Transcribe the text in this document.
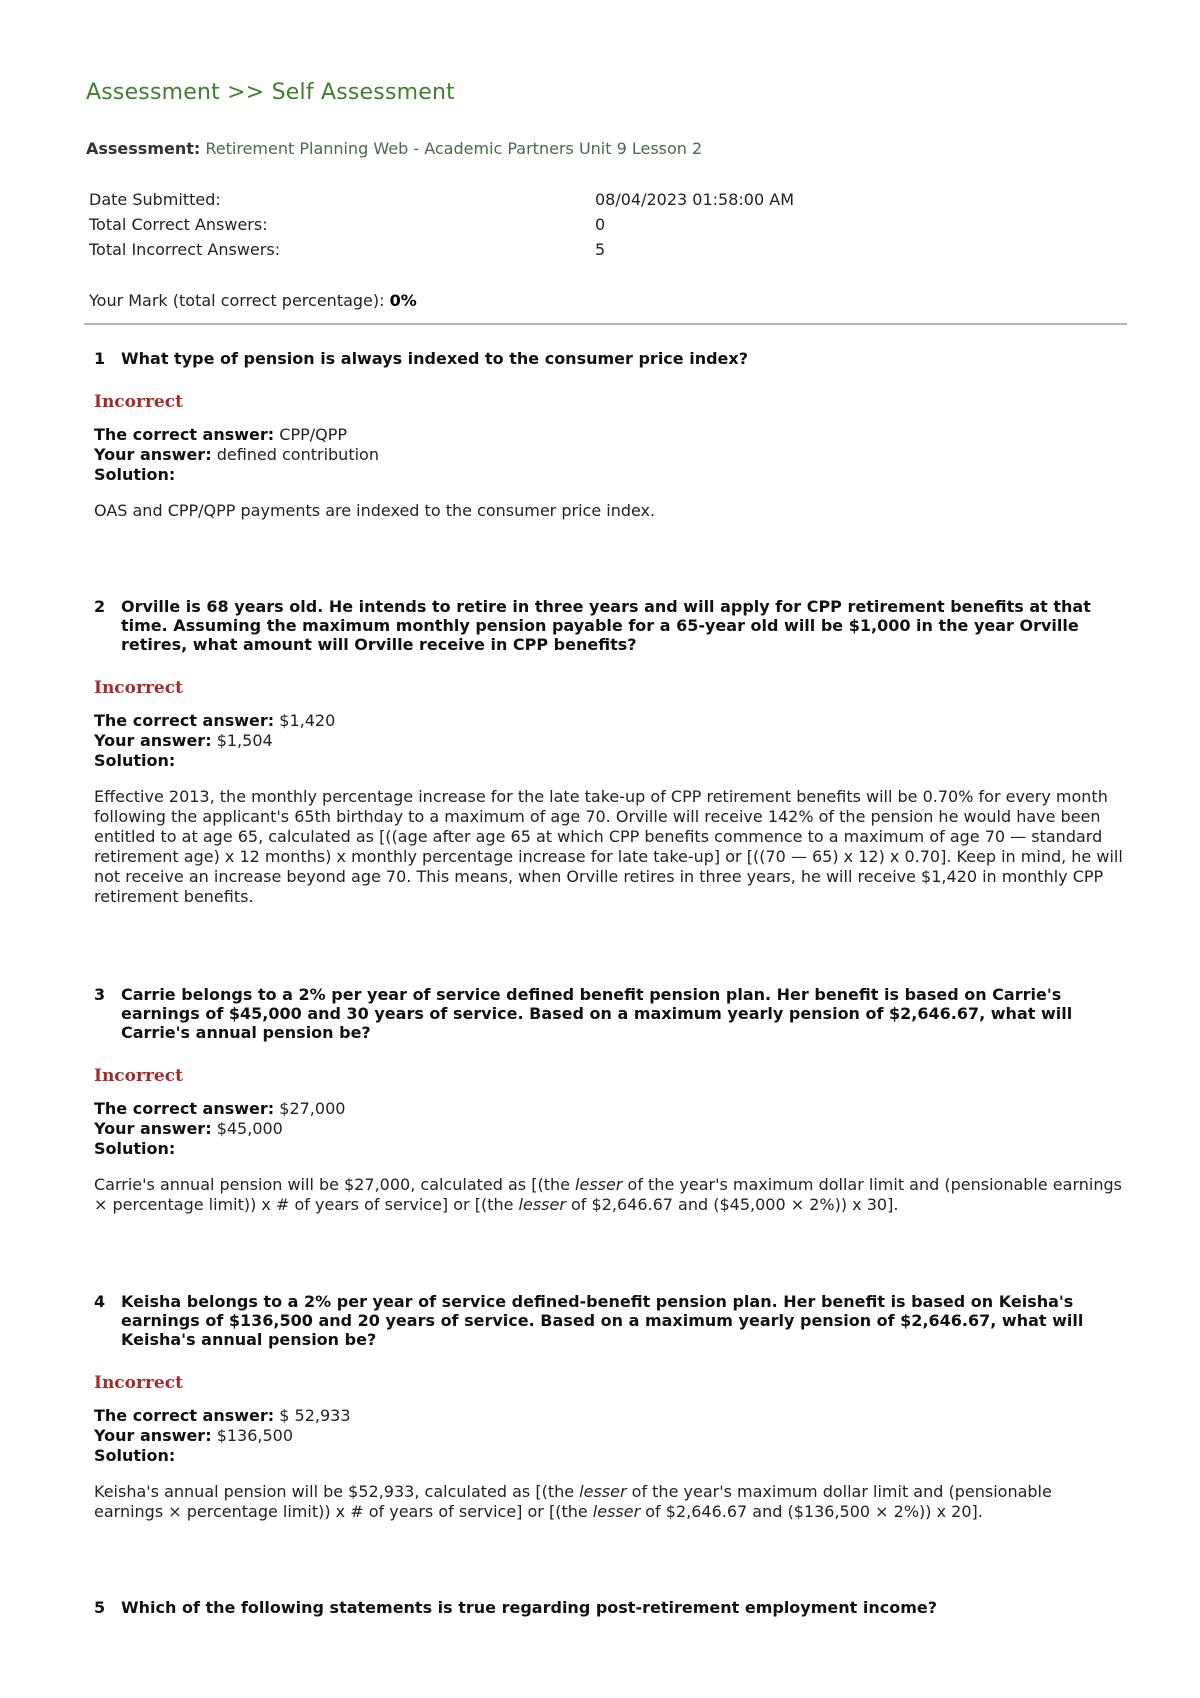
Assessment >> Self Assessment
Assessment: Retirement Planning Web - Academic Partners Unit 9 Lesson 2
Date Submitted:	08/04/2023 01:58:00 AM
Total Correct Answers:	0
Total Incorrect Answers:	5
Your Mark (total correct percentage): 0%
1 What type of pension is always indexed to the consumer price index?
Incorrect
The correct answer: CPP/QPP
Your answer: defined contribution
Solution:
OAS and CPP/QPP payments are indexed to the consumer price index.
2 Orville is 68 years old. He intends to retire in three years and will apply for CPP retirement benefits at that time. Assuming the maximum monthly pension payable for a 65-year old will be $1,000 in the year Orville retires, what amount will Orville receive in CPP benefits?
Incorrect
The correct answer: $1,420
Your answer: $1,504
Solution:
Effective 2013, the monthly percentage increase for the late take-up of CPP retirement benefits will be 0.70% for every month following the applicant's 65th birthday to a maximum of age 70. Orville will receive 142% of the pension he would have been entitled to at age 65, calculated as [((age after age 65 at which CPP benefits commence to a maximum of age 70 — standard retirement age) x 12 months) x monthly percentage increase for late take-up] or [((70 — 65) x 12) x 0.70]. Keep in mind, he will not receive an increase beyond age 70. This means, when Orville retires in three years, he will receive $1,420 in monthly CPP retirement benefits.
3 Carrie belongs to a 2% per year of service defined benefit pension plan. Her benefit is based on Carrie's earnings of $45,000 and 30 years of service. Based on a maximum yearly pension of $2,646.67, what will Carrie's annual pension be?
Incorrect
The correct answer: $27,000
Your answer: $45,000
Solution:
Carrie's annual pension will be $27,000, calculated as [(the lesser of the year's maximum dollar limit and (pensionable earnings × percentage limit)) x # of years of service] or [(the lesser of $2,646.67 and ($45,000 × 2%)) x 30].
4 Keisha belongs to a 2% per year of service defined-benefit pension plan. Her benefit is based on Keisha's earnings of $136,500 and 20 years of service. Based on a maximum yearly pension of $2,646.67, what will Keisha's annual pension be?
Incorrect
The correct answer: $ 52,933
Your answer: $136,500
Solution:
Keisha's annual pension will be $52,933, calculated as [(the lesser of the year's maximum dollar limit and (pensionable earnings × percentage limit)) x # of years of service] or [(the lesser of $2,646.67 and ($136,500 × 2%)) x 20].
5 Which of the following statements is true regarding post-retirement employment income?
